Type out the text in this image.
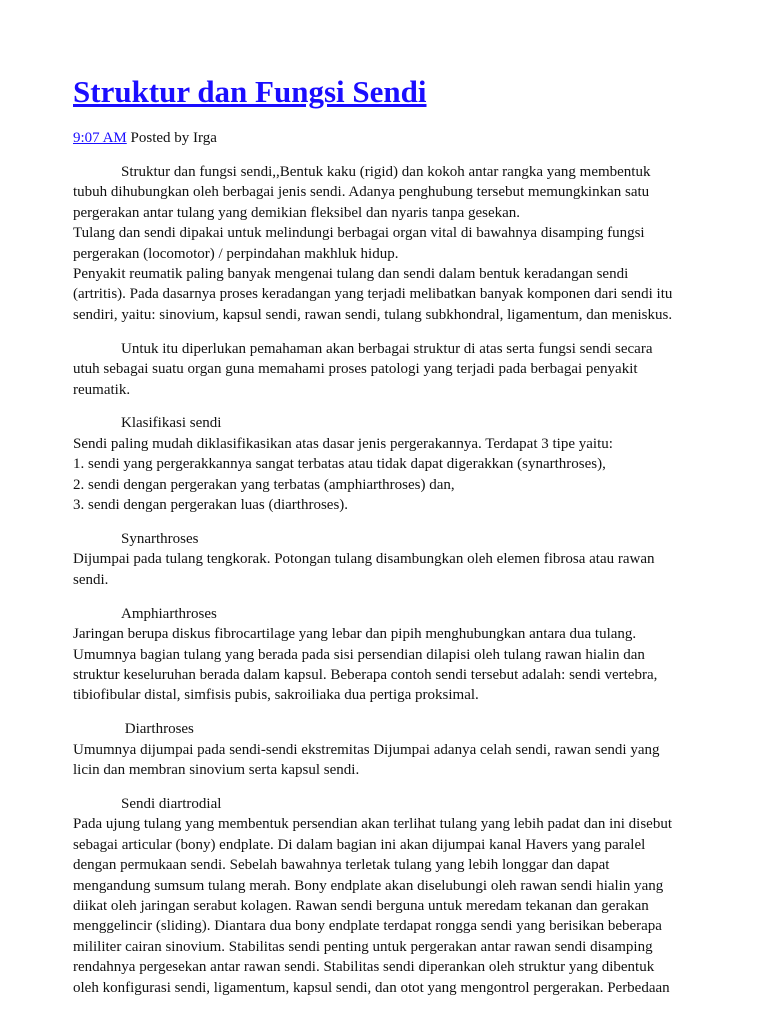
Struktur dan Fungsi Sendi
9:07 AM Posted by Irga
Struktur dan fungsi sendi,,Bentuk kaku (rigid) dan kokoh antar rangka yang membentuk
tubuh dihubungkan oleh berbagai jenis sendi. Adanya penghubung tersebut memungkinkan satu
pergerakan antar tulang yang demikian fleksibel dan nyaris tanpa gesekan.
Tulang dan sendi dipakai untuk melindungi berbagai organ vital di bawahnya disamping fungsi
pergerakan (locomotor) / perpindahan makhluk hidup.
Penyakit reumatik paling banyak mengenai tulang dan sendi dalam bentuk keradangan sendi
(artritis). Pada dasarnya proses keradangan yang terjadi melibatkan banyak komponen dari sendi itu
sendiri, yaitu: sinovium, kapsul sendi, rawan sendi, tulang subkhondral, ligamentum, dan meniskus.
Untuk itu diperlukan pemahaman akan berbagai struktur di atas serta fungsi sendi secara
utuh sebagai suatu organ guna memahami proses patologi yang terjadi pada berbagai penyakit
reumatik.
Klasifikasi sendi
Sendi paling mudah diklasifikasikan atas dasar jenis pergerakannya. Terdapat 3 tipe yaitu:
1. sendi yang pergerakkannya sangat terbatas atau tidak dapat digerakkan (synarthroses),
2. sendi dengan pergerakan yang terbatas (amphiarthroses) dan,
3. sendi dengan pergerakan luas (diarthroses).
Synarthroses
Dijumpai pada tulang tengkorak. Potongan tulang disambungkan oleh elemen fibrosa atau rawan
sendi.
Amphiarthroses
Jaringan berupa diskus fibrocartilage yang lebar dan pipih menghubungkan antara dua tulang.
Umumnya bagian tulang yang berada pada sisi persendian dilapisi oleh tulang rawan hialin dan
struktur keseluruhan berada dalam kapsul. Beberapa contoh sendi tersebut adalah: sendi vertebra,
tibiofibular distal, simfisis pubis, sakroiliaka dua pertiga proksimal.
Diarthroses
Umumnya dijumpai pada sendi-sendi ekstremitas Dijumpai adanya celah sendi, rawan sendi yang
licin dan membran sinovium serta kapsul sendi.
Sendi diartrodial
Pada ujung tulang yang membentuk persendian akan terlihat tulang yang lebih padat dan ini disebut
sebagai articular (bony) endplate. Di dalam bagian ini akan dijumpai kanal Havers yang paralel
dengan permukaan sendi. Sebelah bawahnya terletak tulang yang lebih longgar dan dapat
mengandung sumsum tulang merah. Bony endplate akan diselubungi oleh rawan sendi hialin yang
diikat oleh jaringan serabut kolagen. Rawan sendi berguna untuk meredam tekanan dan gerakan
menggelincir (sliding). Diantara dua bony endplate terdapat rongga sendi yang berisikan beberapa
mililiter cairan sinovium. Stabilitas sendi penting untuk pergerakan antar rawan sendi disamping
rendahnya pergesekan antar rawan sendi. Stabilitas sendi diperankan oleh struktur yang dibentuk
oleh konfigurasi sendi, ligamentum, kapsul sendi, dan otot yang mengontrol pergerakan. Perbedaan
